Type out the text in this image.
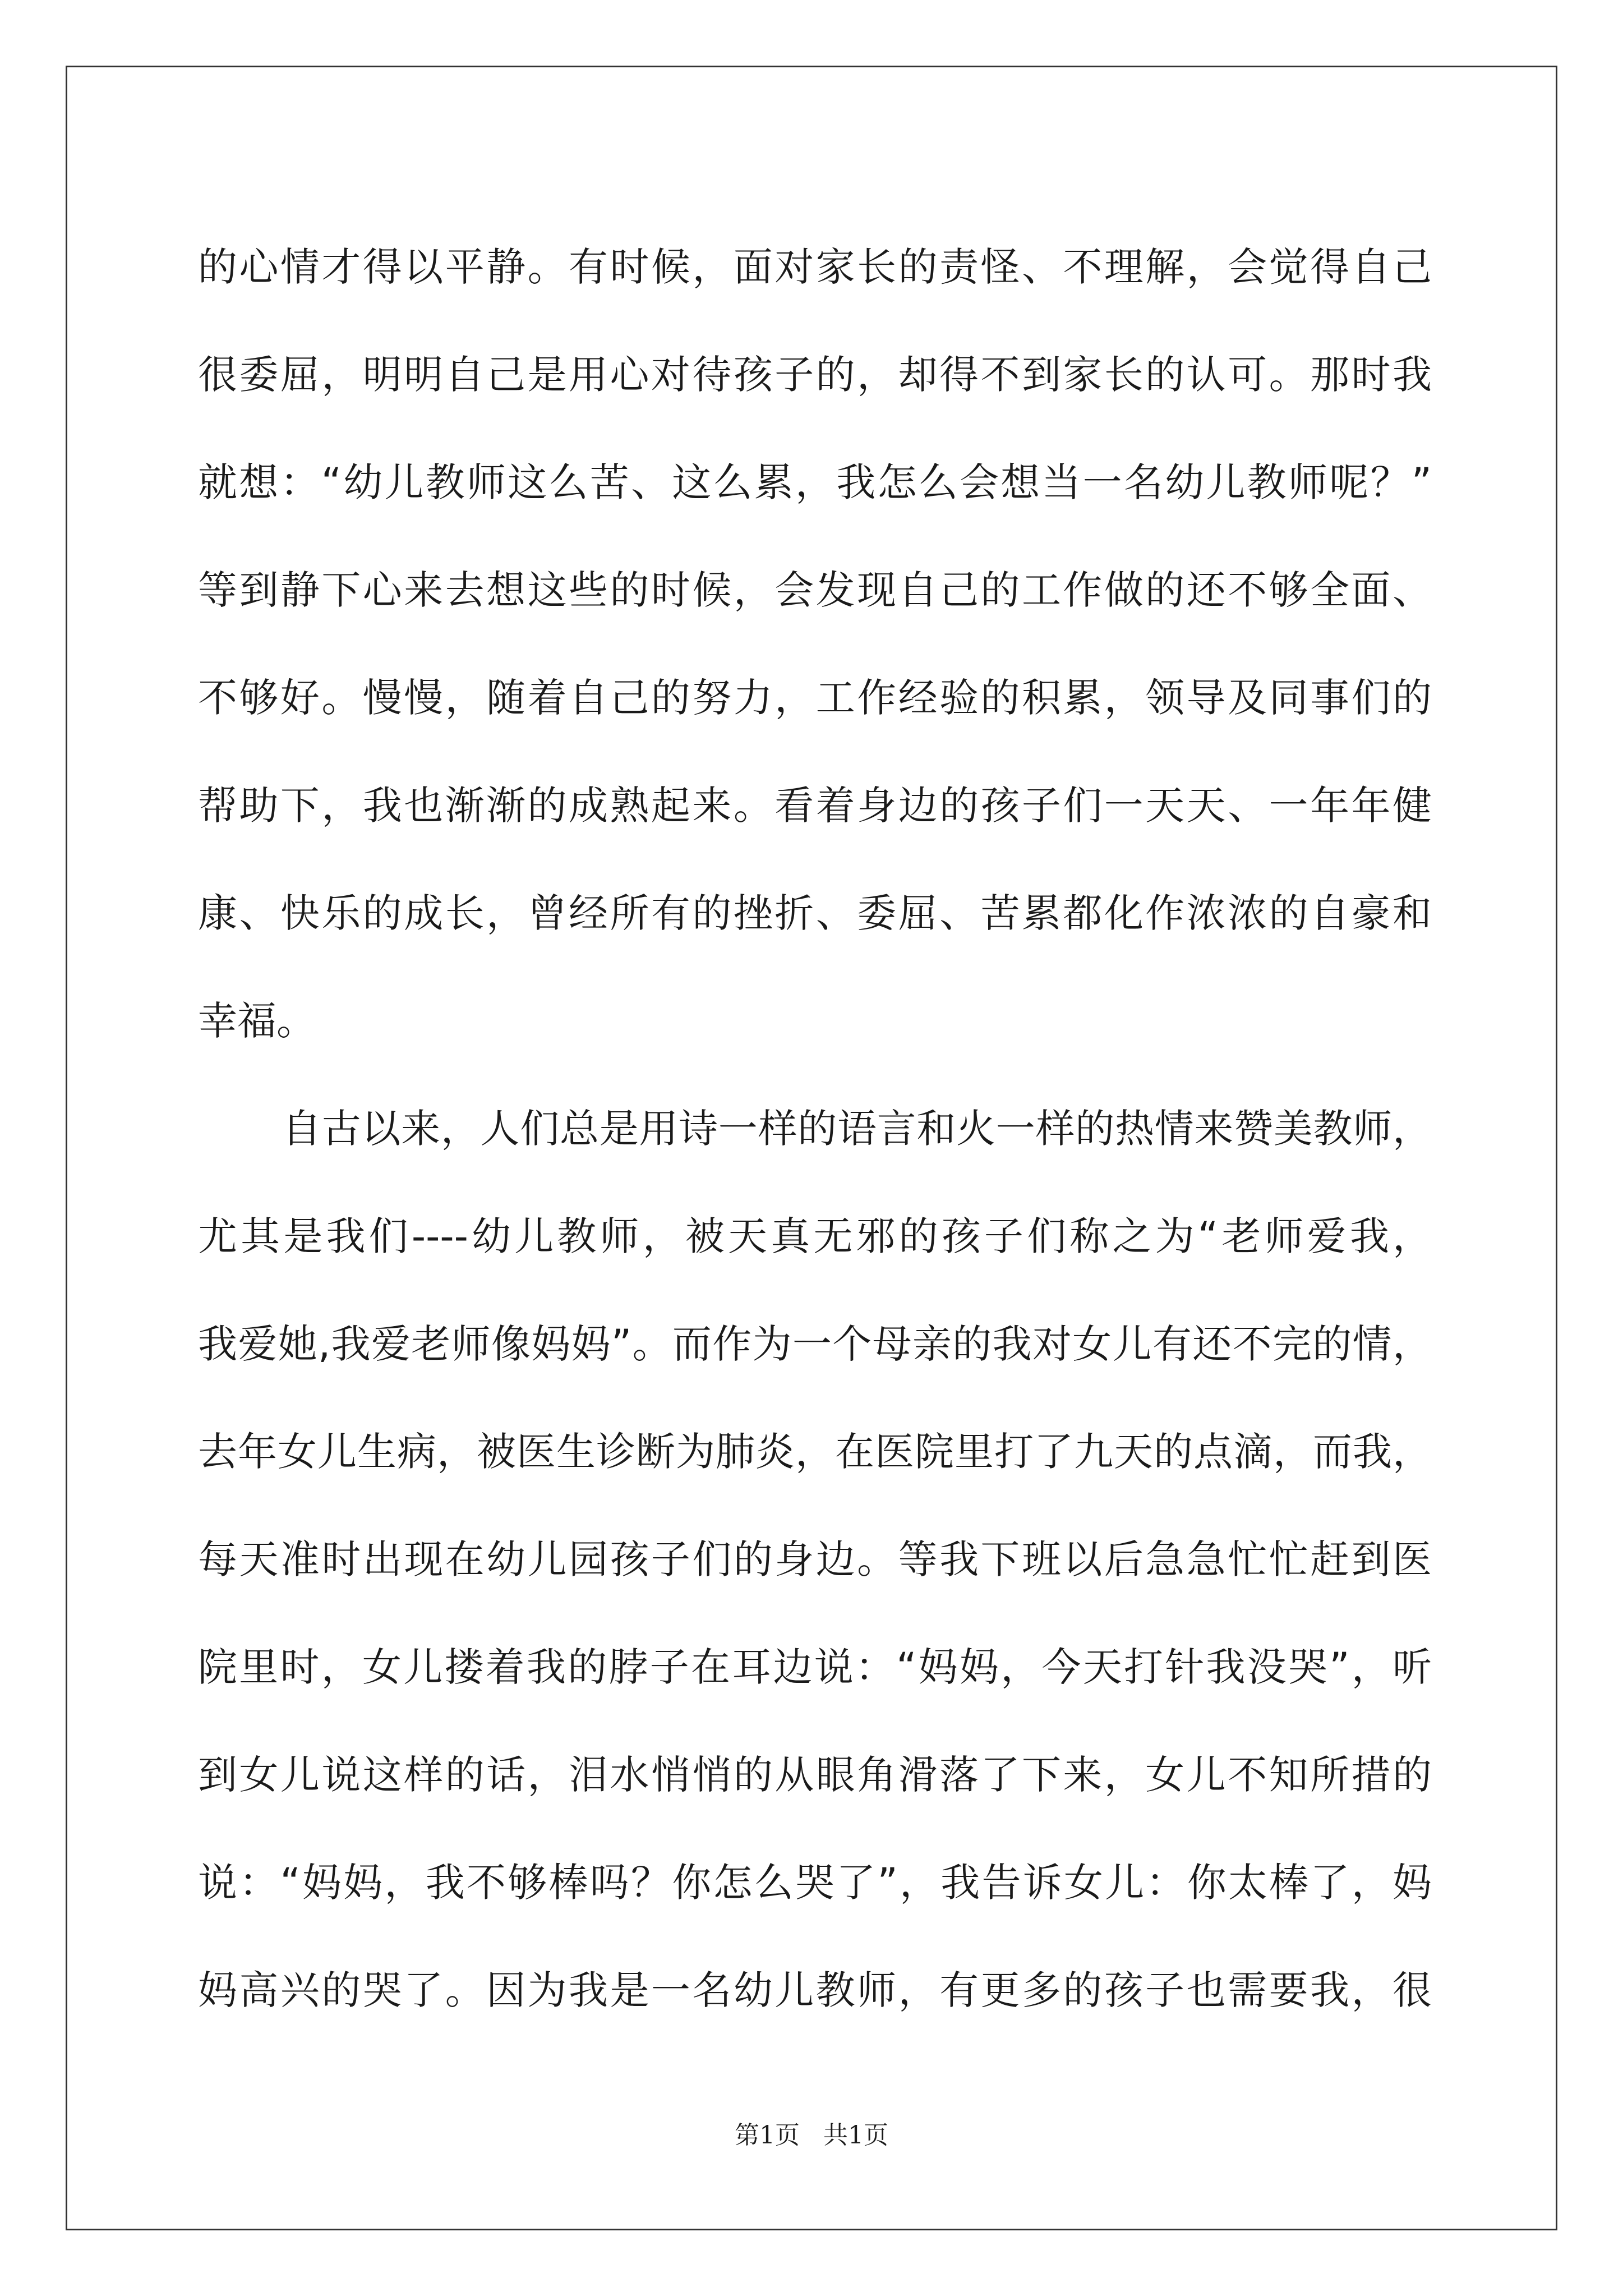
的心情才得以平静。有时候，面对家长的责怪、不理解，会觉得自己
很委屈，明明自己是用心对待孩子的，却得不到家长的认可。那时我
就想：“幼儿教师这么苦、这么累，我怎么会想当一名幼儿教师呢？”
等到静下心来去想这些的时候，会发现自己的工作做的还不够全面、
不够好。慢慢，随着自己的努力，工作经验的积累，领导及同事们的
帮助下，我也渐渐的成熟起来。看着身边的孩子们一天天、一年年健
康、快乐的成长，曾经所有的挫折、委屈、苦累都化作浓浓的自豪和
幸福。
自古以来，人们总是用诗一样的语言和火一样的热情来赞美教师，
尤其是我们----幼儿教师，被天真无邪的孩子们称之为“老师爱我，
我爱她,我爱老师像妈妈”。而作为一个母亲的我对女儿有还不完的情，
去年女儿生病，被医生诊断为肺炎，在医院里打了九天的点滴，而我，
每天准时出现在幼儿园孩子们的身边。等我下班以后急急忙忙赶到医
院里时，女儿搂着我的脖子在耳边说：“妈妈，今天打针我没哭”，听
到女儿说这样的话，泪水悄悄的从眼角滑落了下来，女儿不知所措的
说：“妈妈，我不够棒吗？你怎么哭了”，我告诉女儿：你太棒了，妈
妈高兴的哭了。因为我是一名幼儿教师，有更多的孩子也需要我，很
第1页 共1页
